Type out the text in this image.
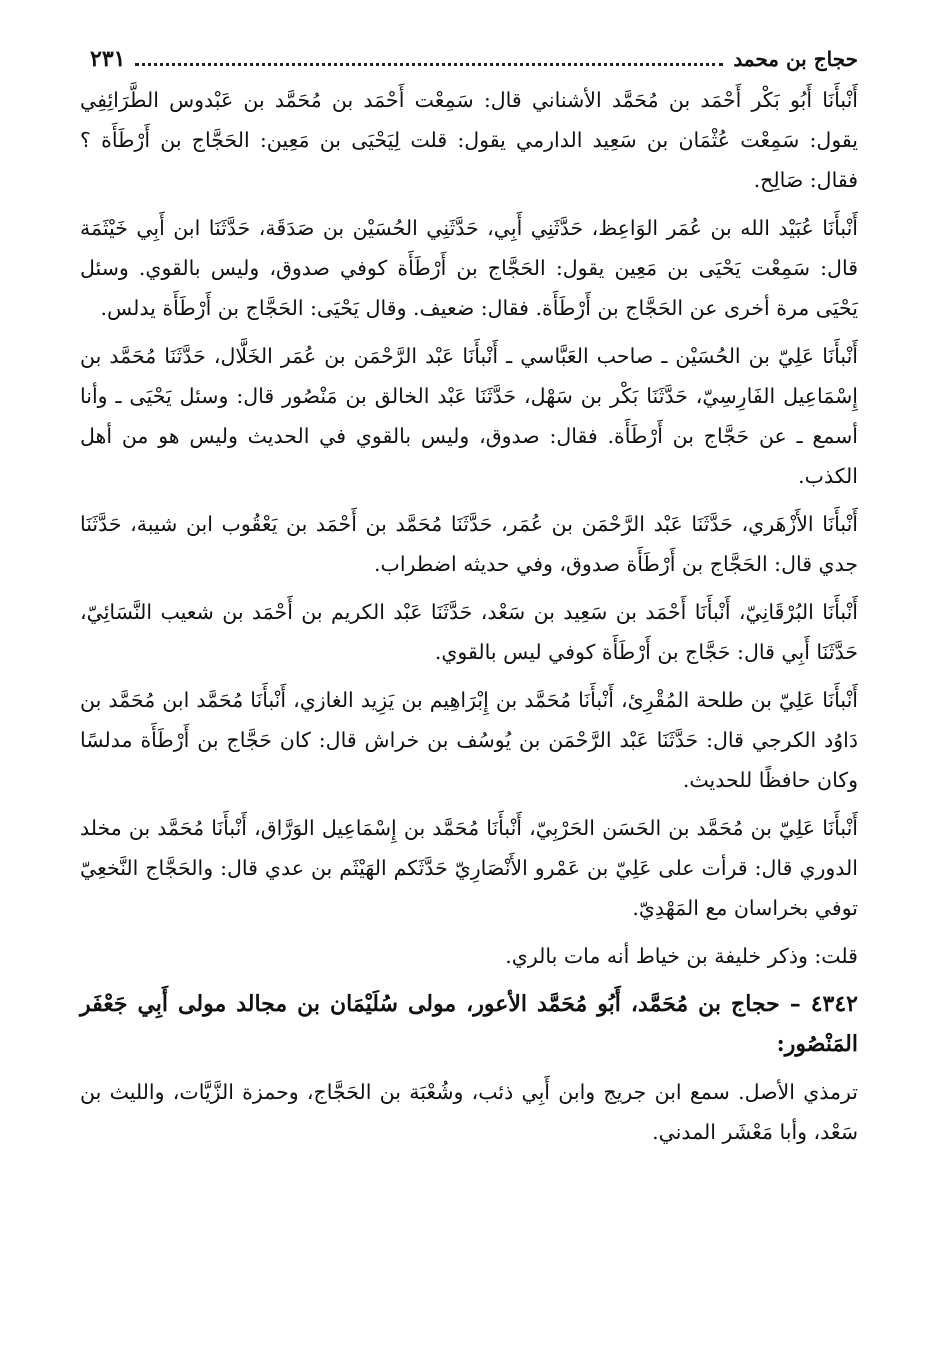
حجاج بن محمد
٢٣١

أَنْبأَنَا أَبُو بَكْر أَحْمَد بن مُحَمَّد الأشناني قال: سَمِعْت أَحْمَد بن مُحَمَّد بن عَبْدوس الطَّرَائِفِي يقول: سَمِعْت عُثْمَان بن سَعِيد الدارمي يقول: قلت لِيَحْيَى بن مَعِين: الحَجَّاج بن أَرْطَأَة ؟ فقال: صَالِح.

أَنْبأَنَا عُبَيْد الله بن عُمَر الوَاعِظ، حَدَّثَنِي أَبِي، حَدَّثَنِي الحُسَيْن بن صَدَقَة، حَدَّثَنَا ابن أَبِي خَيْثَمَة قال: سَمِعْت يَحْيَى بن مَعِين يقول: الحَجَّاج بن أَرْطَأَة كوفي صدوق، وليس بالقوي. وسئل يَحْيَى مرة أخرى عن الحَجَّاج بن أَرْطَأَة. فقال: ضعيف. وقال يَحْيَى: الحَجَّاج بن أَرْطَأَة يدلس.

أَنْبأَنَا عَلِيّ بن الحُسَيْن ـ صاحب العَبَّاسي ـ أَنْبأَنَا عَبْد الرَّحْمَن بن عُمَر الخَلَّال، حَدَّثَنَا مُحَمَّد بن إِسْمَاعِيل الفَارِسِيّ، حَدَّثَنَا بَكْر بن سَهْل، حَدَّثَنَا عَبْد الخالق بن مَنْصُور قال: وسئل يَحْيَى ـ وأنا أسمع ـ عن حَجَّاج بن أَرْطَأَة. فقال: صدوق، وليس بالقوي في الحديث وليس هو من أهل الكذب.

أَنْبأَنَا الأَزْهَري، حَدَّثَنَا عَبْد الرَّحْمَن بن عُمَر، حَدَّثَنَا مُحَمَّد بن أَحْمَد بن يَعْقُوب ابن شيبة، حَدَّثَنَا جدي قال: الحَجَّاج بن أَرْطَأَة صدوق، وفي حديثه اضطراب.

أَنْبأَنَا البُرْقَانِيّ، أَنْبأَنَا أَحْمَد بن سَعِيد بن سَعْد، حَدَّثَنَا عَبْد الكريم بن أَحْمَد بن شعيب النَّسَائِيّ، حَدَّثَنَا أَبِي قال: حَجَّاج بن أَرْطَأَة كوفي ليس بالقوي.

أَنْبأَنَا عَلِيّ بن طلحة المُقْرِئ، أَنْبأَنَا مُحَمَّد بن إِبْرَاهِيم بن يَزِيد الغازي، أَنْبأَنَا مُحَمَّد ابن مُحَمَّد بن دَاوُد الكرجي قال: حَدَّثَنَا عَبْد الرَّحْمَن بن يُوسُف بن خراش قال: كان حَجَّاج بن أَرْطَأَة مدلسًا وكان حافظًا للحديث.

أَنْبأَنَا عَلِيّ بن مُحَمَّد بن الحَسَن الحَرْبِيّ، أَنْبأَنَا مُحَمَّد بن إِسْمَاعِيل الوَرَّاق، أَنْبأَنَا مُحَمَّد بن مخلد الدوري قال: قرأت على عَلِيّ بن عَمْرو الأَنْصَارِيّ حَدَّثَكم الهَيْثَم بن عدي قال: والحَجَّاج النَّخعِيّ توفي بخراسان مع المَهْدِيّ.

قلت: وذكر خليفة بن خياط أنه مات بالري.

٤٣٤٢ – حجاج بن مُحَمَّد، أَبُو مُحَمَّد الأعور، مولى سُلَيْمَان بن مجالد مولى أَبِي جَعْفَر المَنْصُور:

ترمذي الأصل. سمع ابن جريج وابن أَبِي ذئب، وشُعْبَة بن الحَجَّاج، وحمزة الزَّيَّات، والليث بن سَعْد، وأبا مَعْشَر المدني.
